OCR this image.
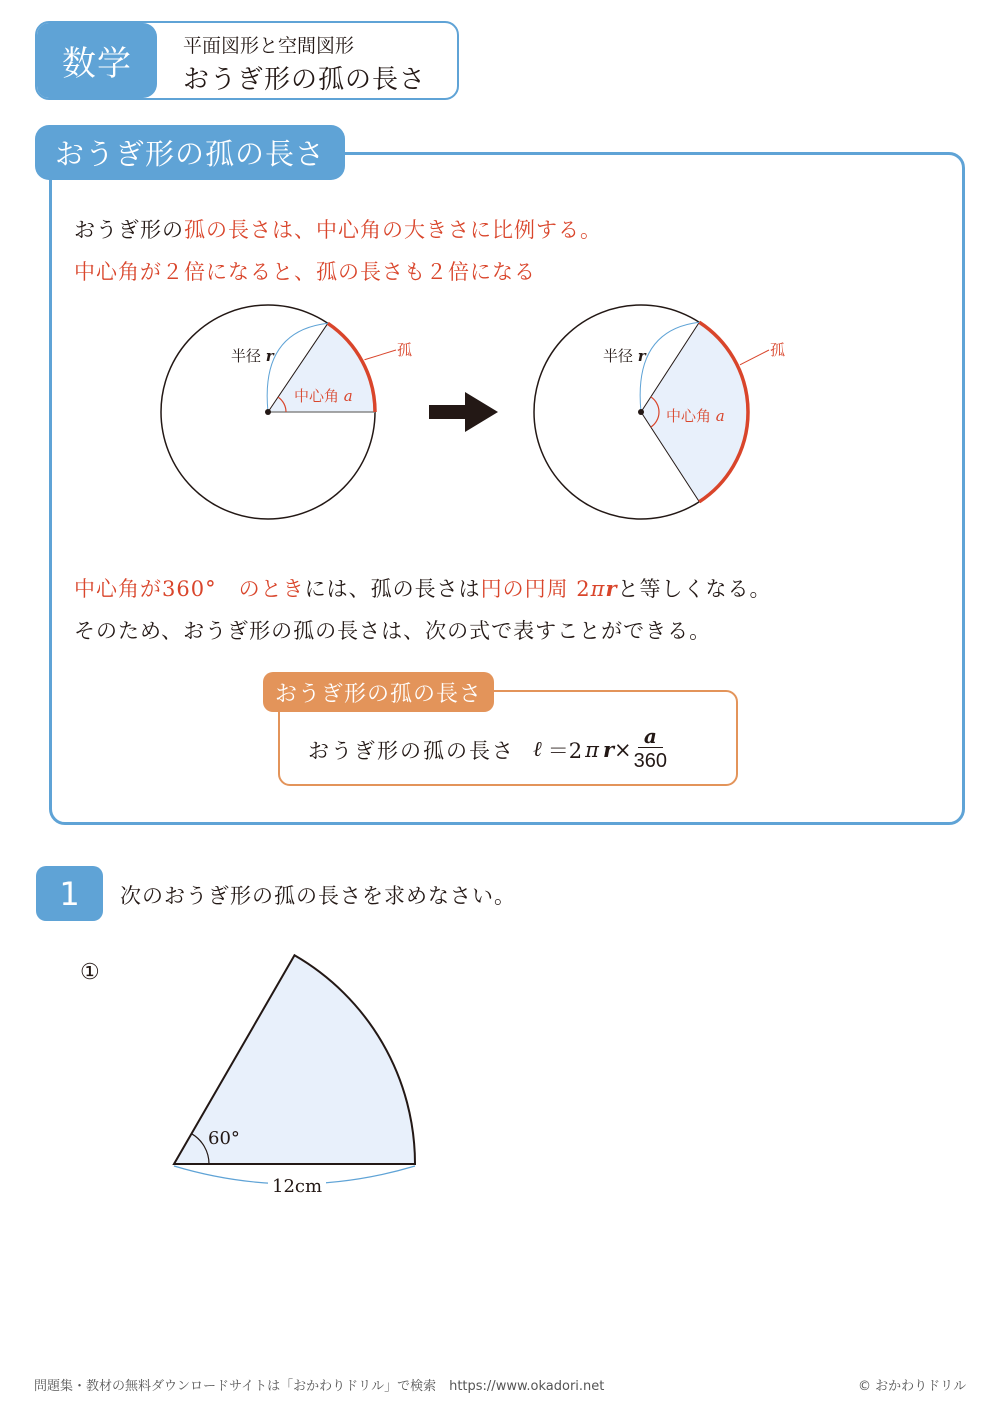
数学	平面図形と空間図形
おうぎ形の孤の長さ
おうぎ形の孤の長さ
おうぎ形の孤の長さは、中心角の大きさに比例する。
中心角が２倍になると、孤の長さも２倍になる
半径 r	孤
中心角 a
半径 r	孤
中心角 a
中心角が360°　のときには、孤の長さは円の円周 2πrと等しくなる。
そのため、おうぎ形の孤の長さは、次の式で表すことができる。
おうぎ形の孤の長さ
おうぎ形の孤の長さ ℓ ＝2 π $r \times \frac{a}{360}$
1	次のおうぎ形の孤の長さを求めなさい。
①
60°
12cm
問題集・教材の無料ダウンロードサイトは「おかわりドリル」で検索　https://www.okadori.net	© おかわりドリル
